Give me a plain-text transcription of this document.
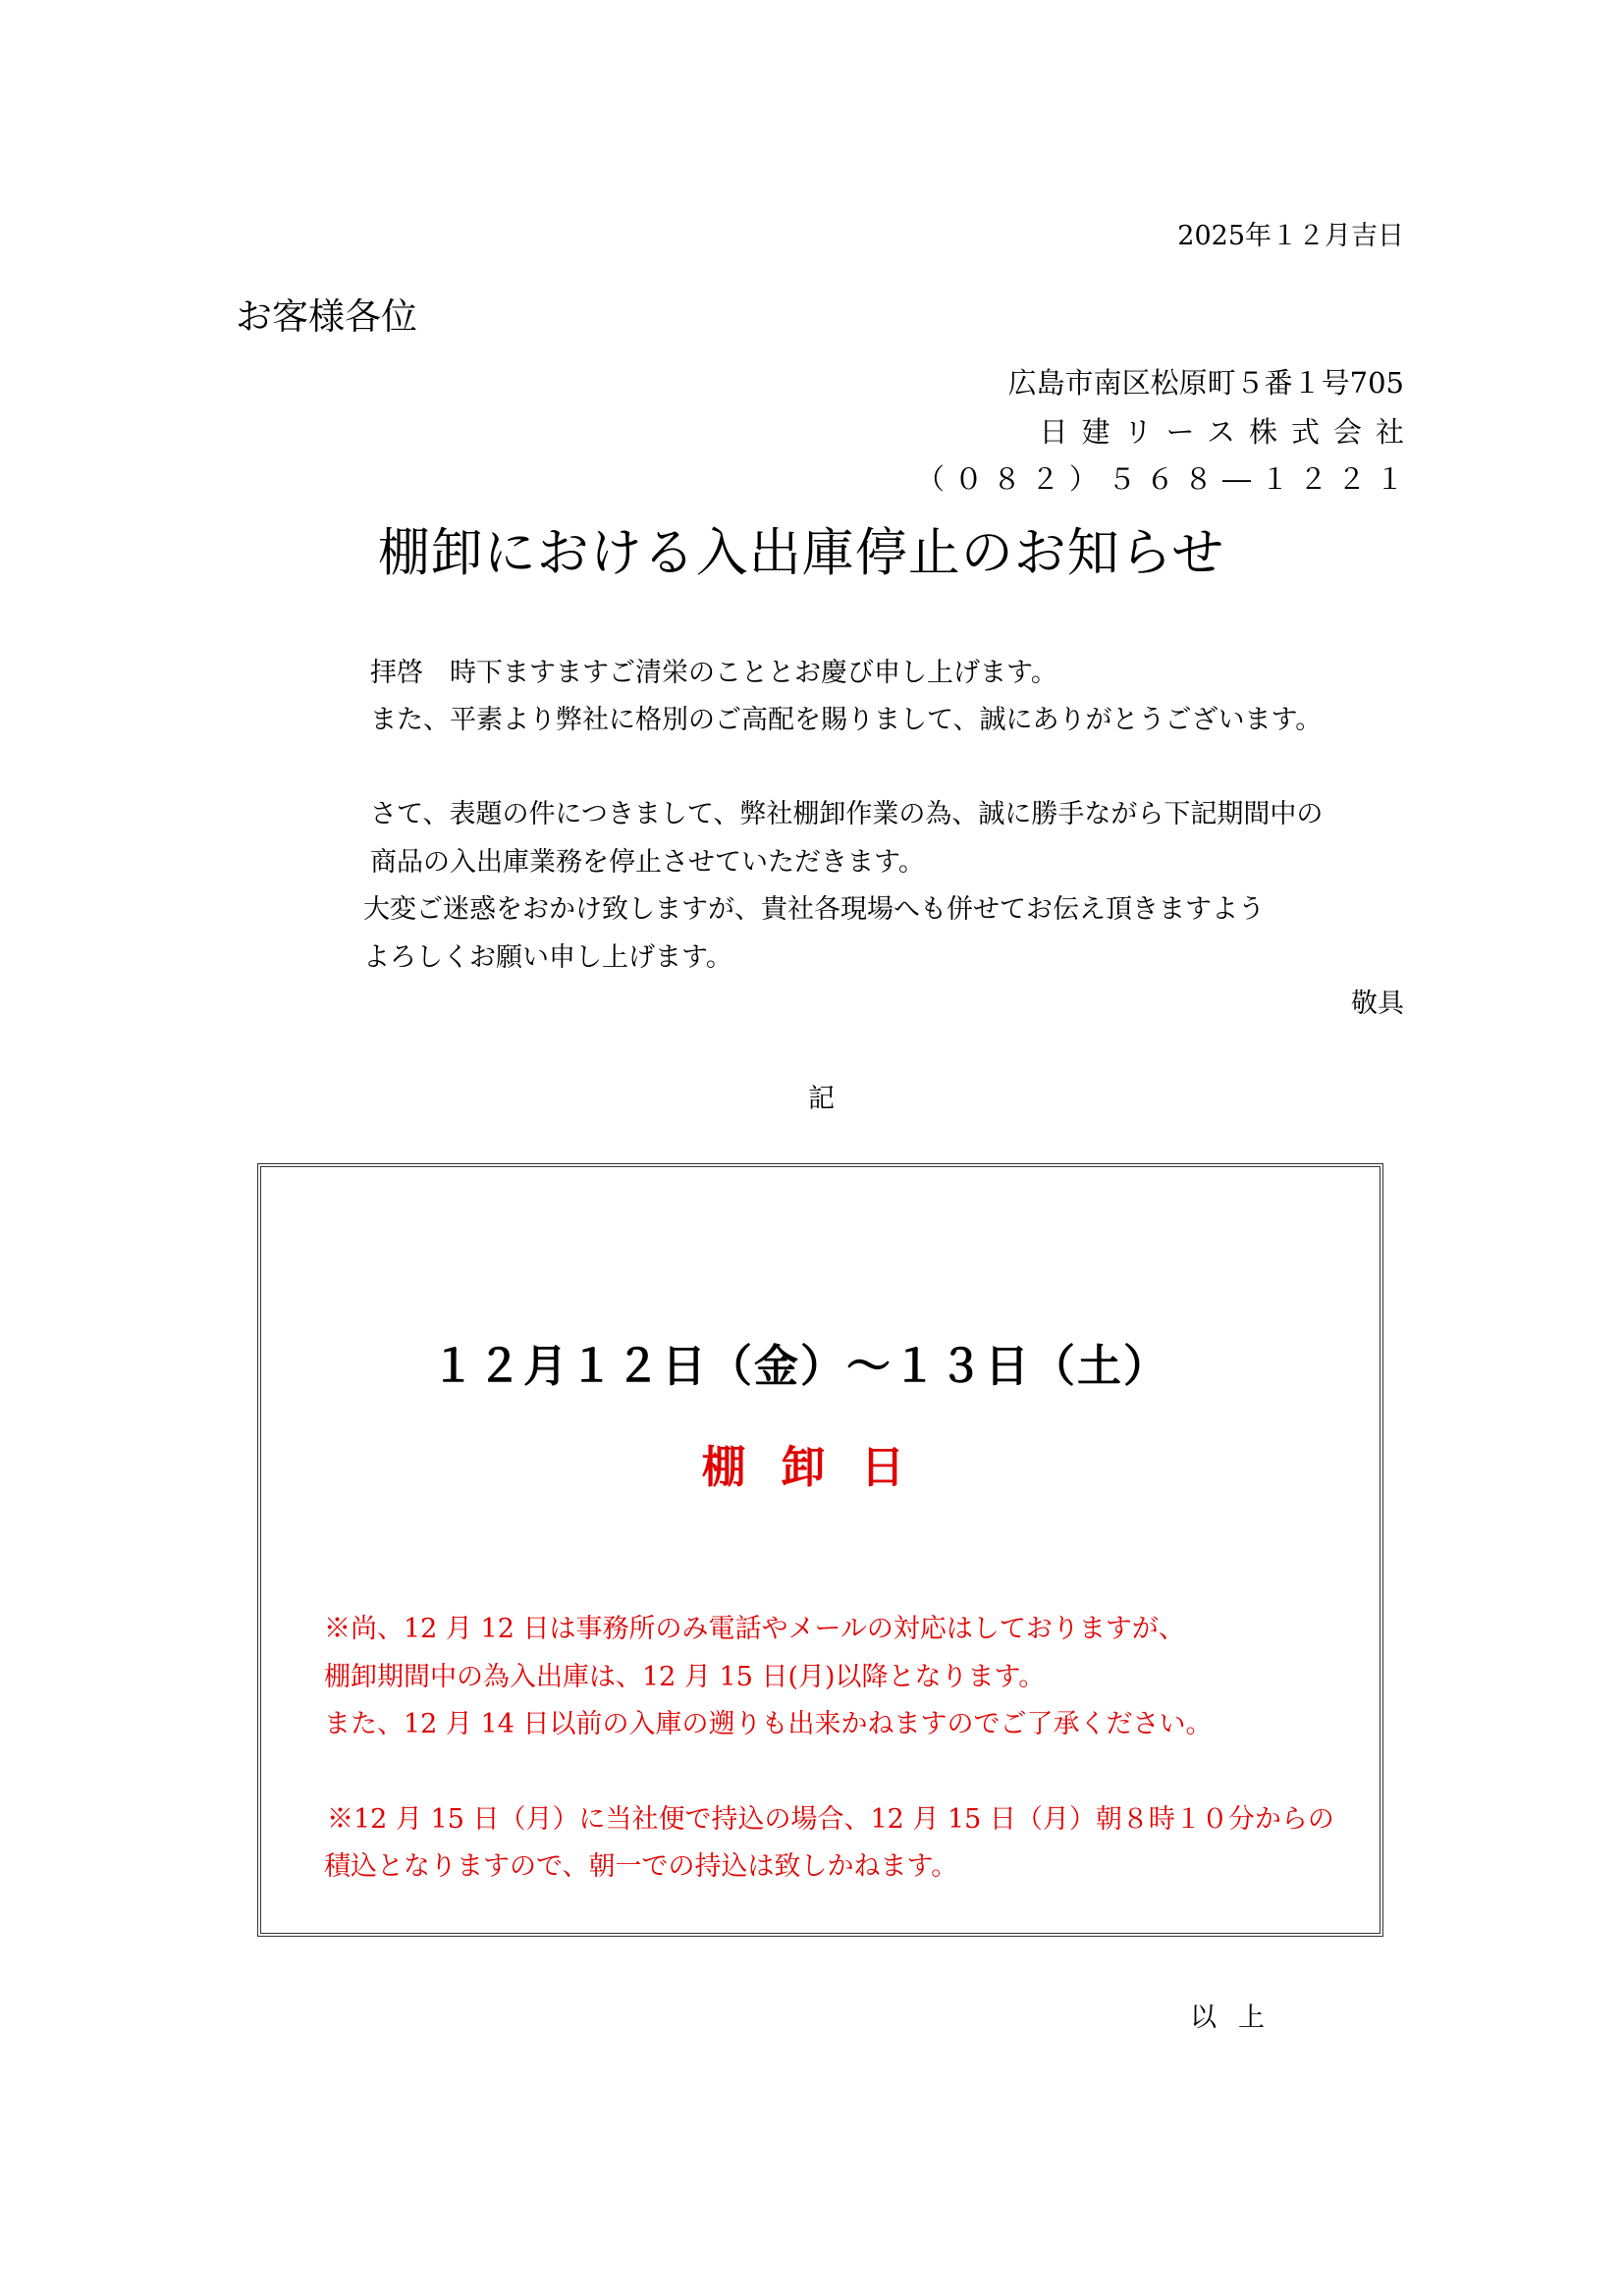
2025年１２月吉日
お客様各位
広島市南区松原町５番１号705
日建リース株式会社
（０８２）５６８―１２２１
棚卸における入出庫停止のお知らせ
拝啓　時下ますますご清栄のこととお慶び申し上げます。
また、平素より弊社に格別のご高配を賜りまして、誠にありがとうございます。
さて、表題の件につきまして、弊社棚卸作業の為、誠に勝手ながら下記期間中の
商品の入出庫業務を停止させていただきます。
大変ご迷惑をおかけ致しますが、貴社各現場へも併せてお伝え頂きますよう
よろしくお願い申し上げます。
敬具
記
１２月１２日（金）～１３日（土）
棚卸日
※尚、12 月 12 日は事務所のみ電話やメールの対応はしておりますが、
棚卸期間中の為入出庫は、12 月 15 日(月)以降となります。
また、12 月 14 日以前の入庫の遡りも出来かねますのでご了承ください。
※12 月 15 日（月）に当社便で持込の場合、12 月 15 日（月）朝８時１０分からの
積込となりますので、朝一での持込は致しかねます。
以上
